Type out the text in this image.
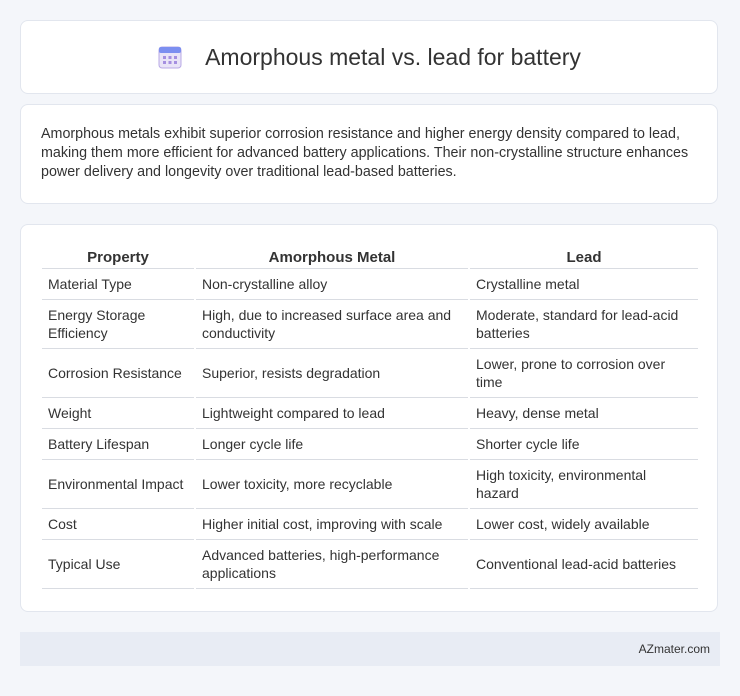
Amorphous metal vs. lead for battery

Amorphous metals exhibit superior corrosion resistance and higher energy density compared to lead, making them more efficient for advanced battery applications. Their non-crystalline structure enhances power delivery and longevity over traditional lead-based batteries.

Property	Amorphous Metal	Lead
Material Type	Non-crystalline alloy	Crystalline metal
Energy Storage Efficiency	High, due to increased surface area and conductivity	Moderate, standard for lead-acid batteries
Corrosion Resistance	Superior, resists degradation	Lower, prone to corrosion over time
Weight	Lightweight compared to lead	Heavy, dense metal
Battery Lifespan	Longer cycle life	Shorter cycle life
Environmental Impact	Lower toxicity, more recyclable	High toxicity, environmental hazard
Cost	Higher initial cost, improving with scale	Lower cost, widely available
Typical Use	Advanced batteries, high-performance applications	Conventional lead-acid batteries
AZmater.com
